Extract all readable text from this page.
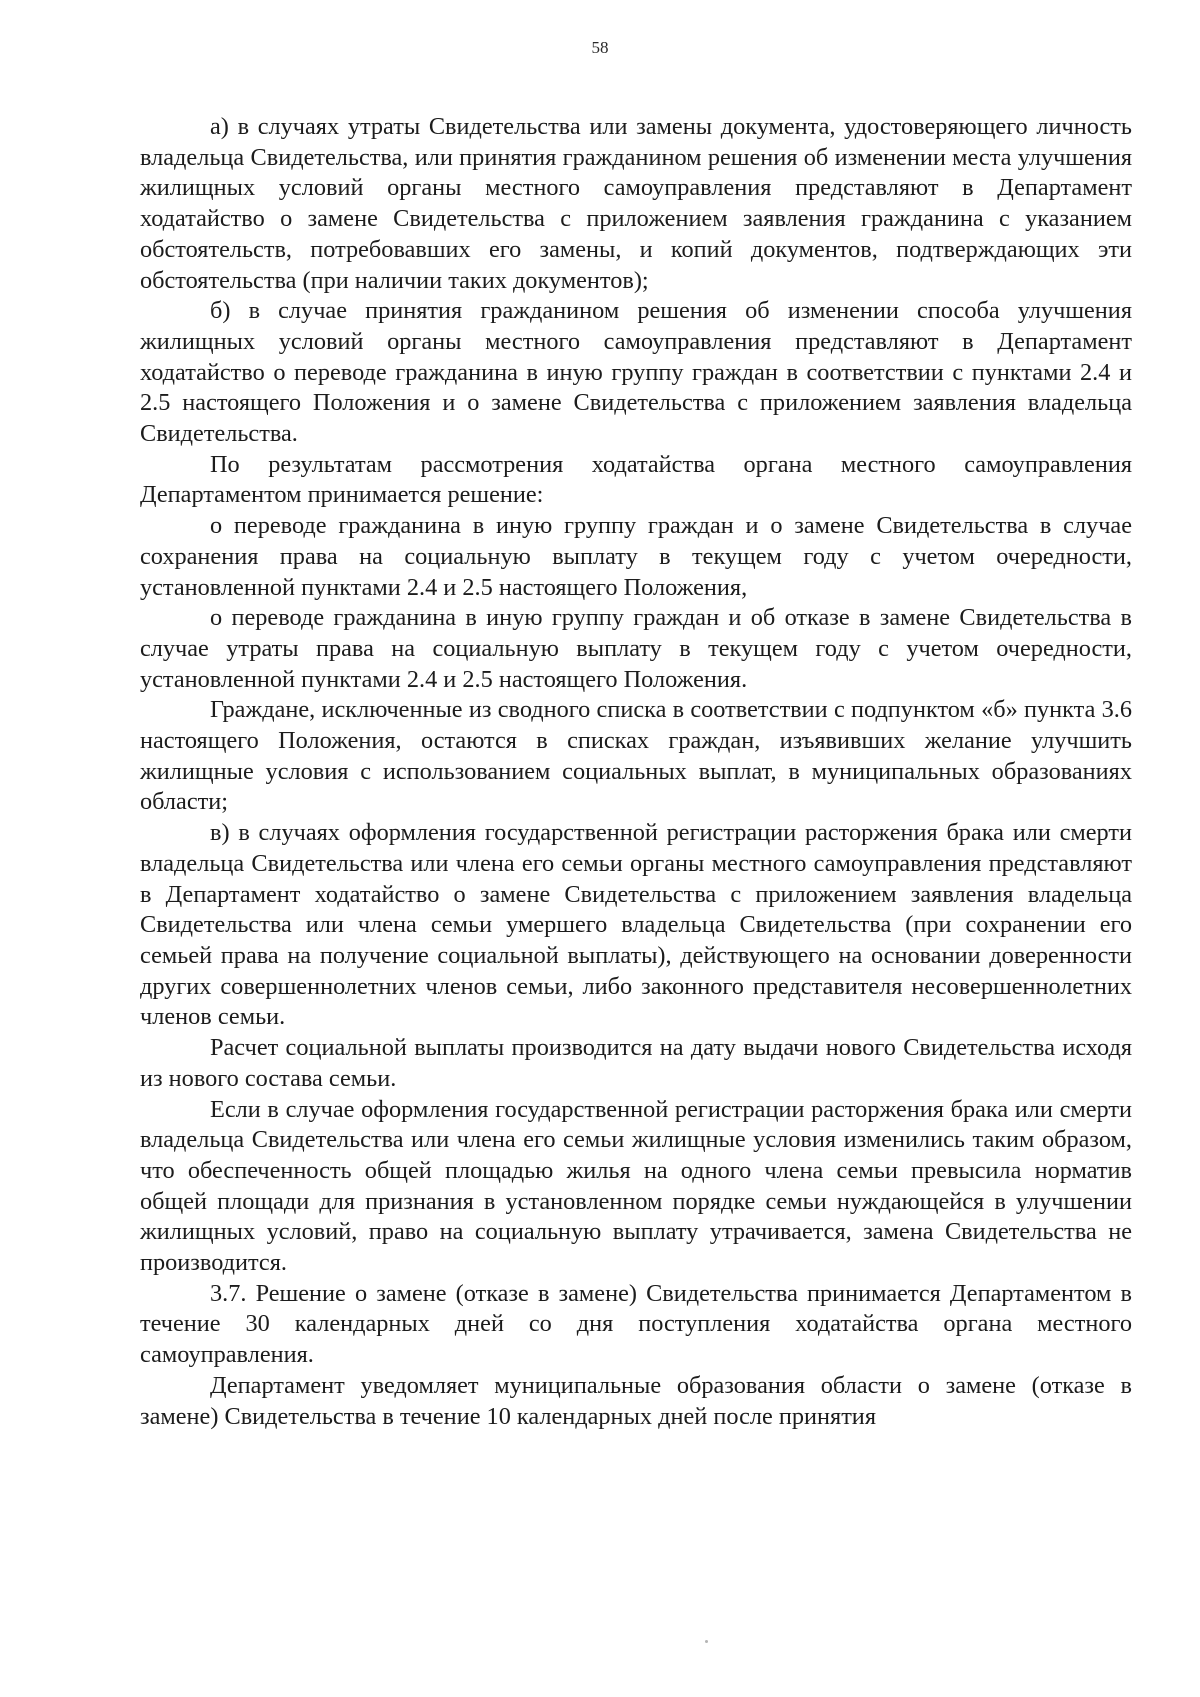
58

а) в случаях утраты Свидетельства или замены документа, удостоверяющего личность владельца Свидетельства, или принятия гражданином решения об изменении места улучшения жилищных условий органы местного самоуправления представляют в Департамент ходатайство о замене Свидетельства с приложением заявления гражданина с указанием обстоятельств, потребовавших его замены, и копий документов, подтверждающих эти обстоятельства (при наличии таких документов);

б) в случае принятия гражданином решения об изменении способа улучшения жилищных условий органы местного самоуправления представляют в Департамент ходатайство о переводе гражданина в иную группу граждан в соответствии с пунктами 2.4 и 2.5 настоящего Положения и о замене Свидетельства с приложением заявления владельца Свидетельства.

По результатам рассмотрения ходатайства органа местного самоуправления Департаментом принимается решение:

о переводе гражданина в иную группу граждан и о замене Свидетельства в случае сохранения права на социальную выплату в текущем году с учетом очередности, установленной пунктами 2.4 и 2.5 настоящего Положения,

о переводе гражданина в иную группу граждан и об отказе в замене Свидетельства в случае утраты права на социальную выплату в текущем году с учетом очередности, установленной пунктами 2.4 и 2.5 настоящего Положения.

Граждане, исключенные из сводного списка в соответствии с подпунктом «б» пункта 3.6 настоящего Положения, остаются в списках граждан, изъявивших желание улучшить жилищные условия с использованием социальных выплат, в муниципальных образованиях области;

в) в случаях оформления государственной регистрации расторжения брака или смерти владельца Свидетельства или члена его семьи органы местного самоуправления представляют в Департамент ходатайство о замене Свидетельства с приложением заявления владельца Свидетельства или члена семьи умершего владельца Свидетельства (при сохранении его семьей права на получение социальной выплаты), действующего на основании доверенности других совершеннолетних членов семьи, либо законного представителя несовершеннолетних членов семьи.

Расчет социальной выплаты производится на дату выдачи нового Свидетельства исходя из нового состава семьи.

Если в случае оформления государственной регистрации расторжения брака или смерти владельца Свидетельства или члена его семьи жилищные условия изменились таким образом, что обеспеченность общей площадью жилья на одного члена семьи превысила норматив общей площади для признания в установленном порядке семьи нуждающейся в улучшении жилищных условий, право на социальную выплату утрачивается, замена Свидетельства не производится.

3.7. Решение о замене (отказе в замене) Свидетельства принимается Департаментом в течение 30 календарных дней со дня поступления ходатайства органа местного самоуправления.

Департамент уведомляет муниципальные образования области о замене (отказе в замене) Свидетельства в течение 10 календарных дней после принятия
